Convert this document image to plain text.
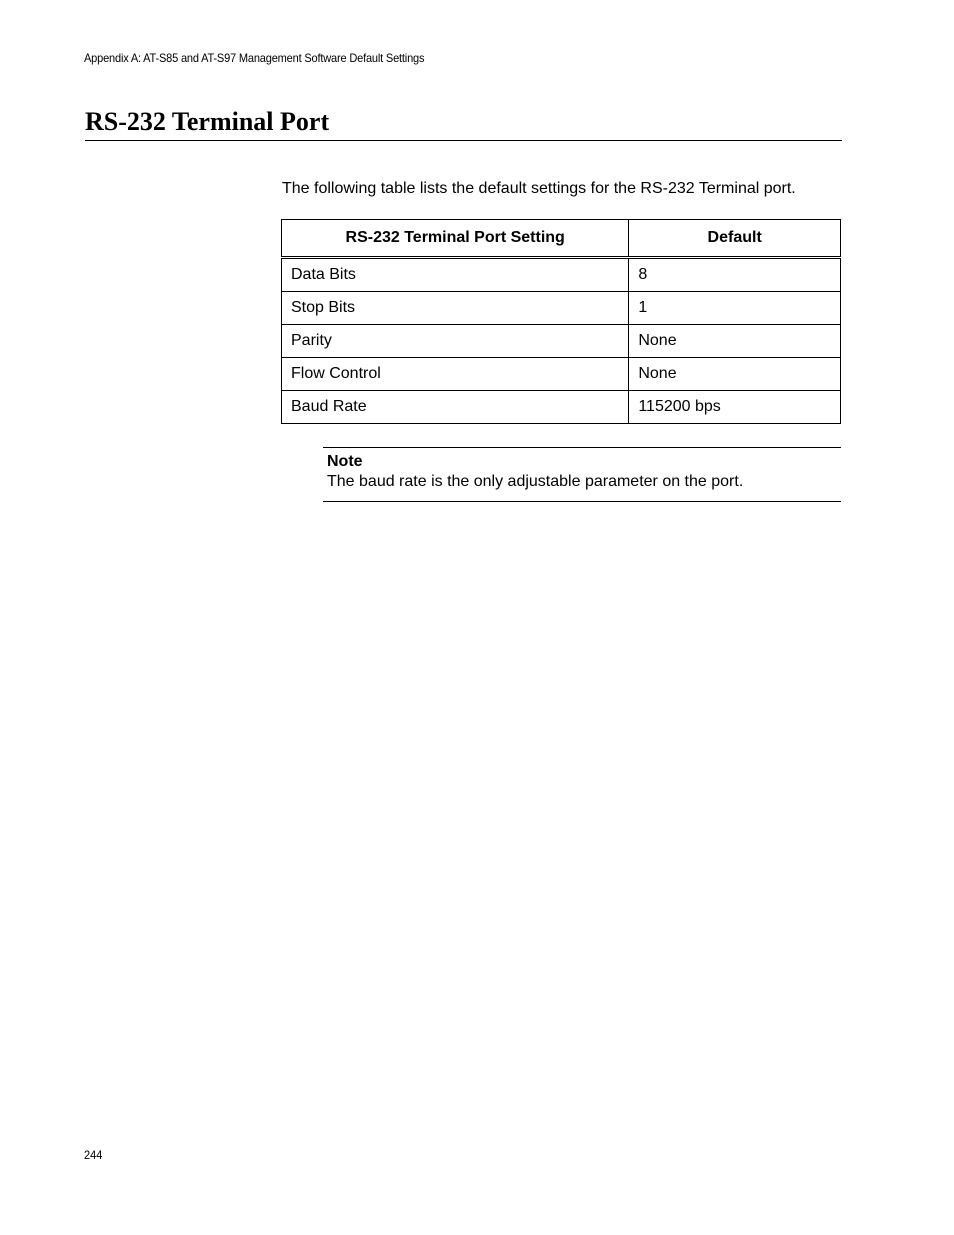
Appendix A: AT-S85 and AT-S97 Management Software Default Settings
RS-232 Terminal Port
The following table lists the default settings for the RS-232 Terminal port.
RS-232 Terminal Port Setting	Default
Data Bits	8
Stop Bits	1
Parity	None
Flow Control	None
Baud Rate	115200 bps
Note
The baud rate is the only adjustable parameter on the port.
244
